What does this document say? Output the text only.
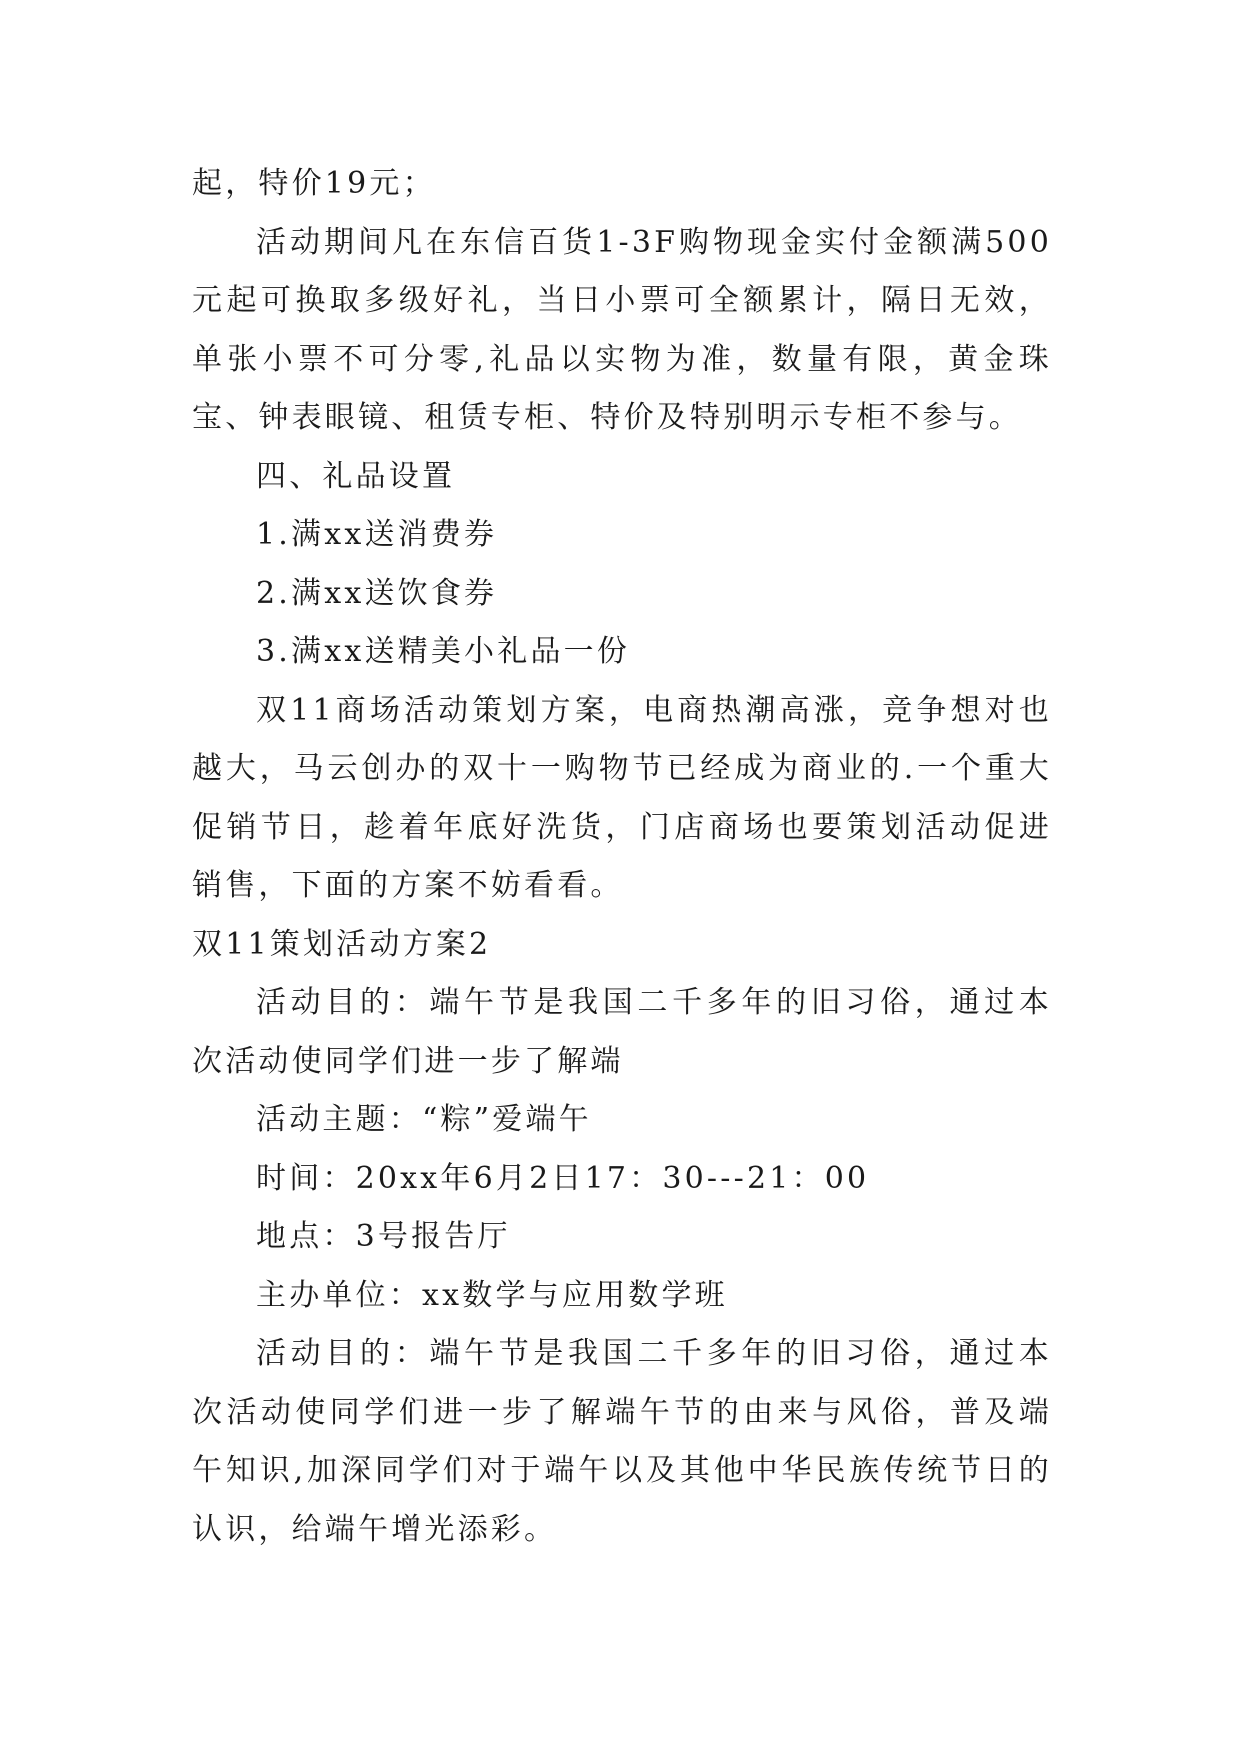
起，特价19元；

活动期间凡在东信百货1-3F购物现金实付金额满500元起可换取多级好礼，当日小票可全额累计，隔日无效，单张小票不可分零,礼品以实物为准，数量有限，黄金珠宝、钟表眼镜、租赁专柜、特价及特别明示专柜不参与。

四、礼品设置

1.满xx送消费券

2.满xx送饮食券

3.满xx送精美小礼品一份

双11商场活动策划方案，电商热潮高涨，竞争想对也越大，马云创办的双十一购物节已经成为商业的.一个重大促销节日，趁着年底好洗货，门店商场也要策划活动促进销售，下面的方案不妨看看。

双11策划活动方案2

活动目的：端午节是我国二千多年的旧习俗，通过本次活动使同学们进一步了解端

活动主题：“粽”爱端午

时间：20xx年6月2日17：30---21：00

地点：3号报告厅

主办单位：xx数学与应用数学班

活动目的：端午节是我国二千多年的旧习俗，通过本次活动使同学们进一步了解端午节的由来与风俗，普及端午知识,加深同学们对于端午以及其他中华民族传统节日的认识，给端午增光添彩。
